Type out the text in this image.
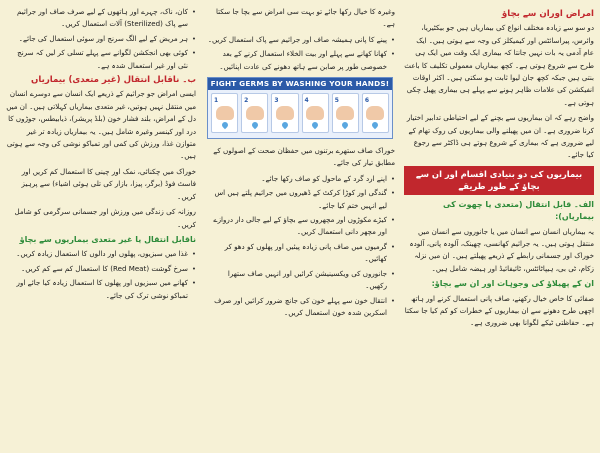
امراض اوران سے بچاؤ

دو سو سے زیادہ مختلف انواع کی بیماریاں ہیں جو بیکٹیریا، وائرس، پیراسائٹس اور کیمیکلز کی وجہ سے ہوتی ہیں۔ ایک عام آدمی یہ بات نہیں جانتا کہ بیماری ایک وقت میں ایک ہی طرح سے شروع ہوتی ہے۔ کچھ بیماریاں معمولی تکلیف کا باعث بنتی ہیں جبکہ کچھ جان لیوا ثابت ہو سکتی ہیں۔ اکثر اوقات انفیکشن کی علامات ظاہر ہونے سے پہلے ہی بیماری پھیل چکی ہوتی ہے۔

واضح رہے کہ ان بیماریوں سے بچنے کے لیے احتیاطی تدابیر اختیار کرنا ضروری ہے۔ ان میں پھیلنے والی بیماریوں کی روک تھام کے لیے ضروری ہے کہ بیماری کے شروع ہوتے ہی ڈاکٹر سے رجوع کیا جائے۔

بیماریوں کی دو بنیادی اقسام اور ان سے بچاؤ کے طور طریقے
الف۔ قابل انتقال (متعدی یا چھوت کی بیماریاں):

یہ بیماریاں انسان سے انسان میں یا جانوروں سے انسان میں منتقل ہوتی ہیں۔ یہ جراثیم کھانسی، چھینک، آلودہ پانی، آلودہ خوراک اور جسمانی رابطے کے ذریعے پھیلتے ہیں۔ ان میں نزلہ زکام، ٹی بی، ہیپاٹائٹس، ٹائیفائیڈ اور ہیضہ شامل ہیں۔

ان کے پھیلاؤ کی وجوہات اور ان سے بچاؤ:

صفائی کا خاص خیال رکھنے، صاف پانی استعمال کرنے اور ہاتھ اچھی طرح دھونے سے ان بیماریوں کے خطرات کو کم کیا جا سکتا ہے۔ حفاظتی ٹیکے لگوانا بھی ضروری ہے۔

وغیرہ کا خیال رکھا جائے تو بہت سی امراض سے بچا جا سکتا ہے۔

• پینے کا پانی ہمیشہ صاف اور جراثیم سے پاک استعمال کریں۔
• کھانا کھانے سے پہلے اور بیت الخلاء استعمال کرنے کے بعد خصوصی طور پر صابن سے ہاتھ دھونے کی عادت اپنائیں۔
FIGHT GERMS BY WASHING YOUR HANDS!
1	2	3	4	5	6

خوراک صاف ستھرے برتنوں میں حفظان صحت کے اصولوں کے مطابق تیار کی جائے۔

• اپنے ارد گرد کے ماحول کو صاف رکھا جائے۔
• گندگی اور کوڑا کرکٹ کے ڈھیروں میں جراثیم پلتے ہیں اس لیے انہیں ختم کیا جائے۔
• کیڑے مکوڑوں اور مچھروں سے بچاؤ کے لیے جالی دار دروازے اور مچھر دانی استعمال کریں۔
• گرمیوں میں صاف پانی زیادہ پیئیں اور پھلوں کو دھو کر کھائیں۔
• جانوروں کی ویکسینیشن کرائیں اور انہیں صاف ستھرا رکھیں۔
• انتقال خون سے پہلے خون کی جانچ ضرور کرائیں اور صرف اسکرین شدہ خون استعمال کریں۔
• کان، ناک، چہرے اور ہاتھوں کے لیے صرف صاف اور جراثیم سے پاک (Sterilized) آلات استعمال کریں۔
• ہر مریض کے لیے الگ سرنج اور سوئی استعمال کی جائے۔
• کوئی بھی انجکشن لگوانے سے پہلے تسلی کر لیں کہ سرنج نئی اور غیر استعمال شدہ ہے۔
ب۔ ناقابل انتقال (غیر متعدی) بیماریاں

ایسی امراض جو جراثیم کے ذریعے ایک انسان سے دوسرے انسان میں منتقل نہیں ہوتیں، غیر متعدی بیماریاں کہلاتی ہیں۔ ان میں دل کے امراض، بلند فشار خون (بلڈ پریشر)، ذیابیطس، جوڑوں کا درد اور کینسر وغیرہ شامل ہیں۔ یہ بیماریاں زیادہ تر غیر متوازن غذا، ورزش کی کمی اور تمباکو نوشی کی وجہ سے ہوتی ہیں۔

خوراک میں چکنائی، نمک اور چینی کا استعمال کم کریں اور فاسٹ فوڈ (برگر، پیزا، بازار کی تلی ہوئی اشیاء) سے پرہیز کریں۔

روزانہ کی زندگی میں ورزش اور جسمانی سرگرمی کو شامل کریں۔

ناقابل انتقال یا غیر متعدی بیماریوں سے بچاؤ
• غذا میں سبزیوں، پھلوں اور دالوں کا استعمال زیادہ کریں۔
• سرخ گوشت (Red Meat) کا استعمال کم سے کم کریں۔
• کھانے میں سبزیوں اور پھلوں کا استعمال زیادہ کیا جائے اور تمباکو نوشی ترک کی جائے۔
